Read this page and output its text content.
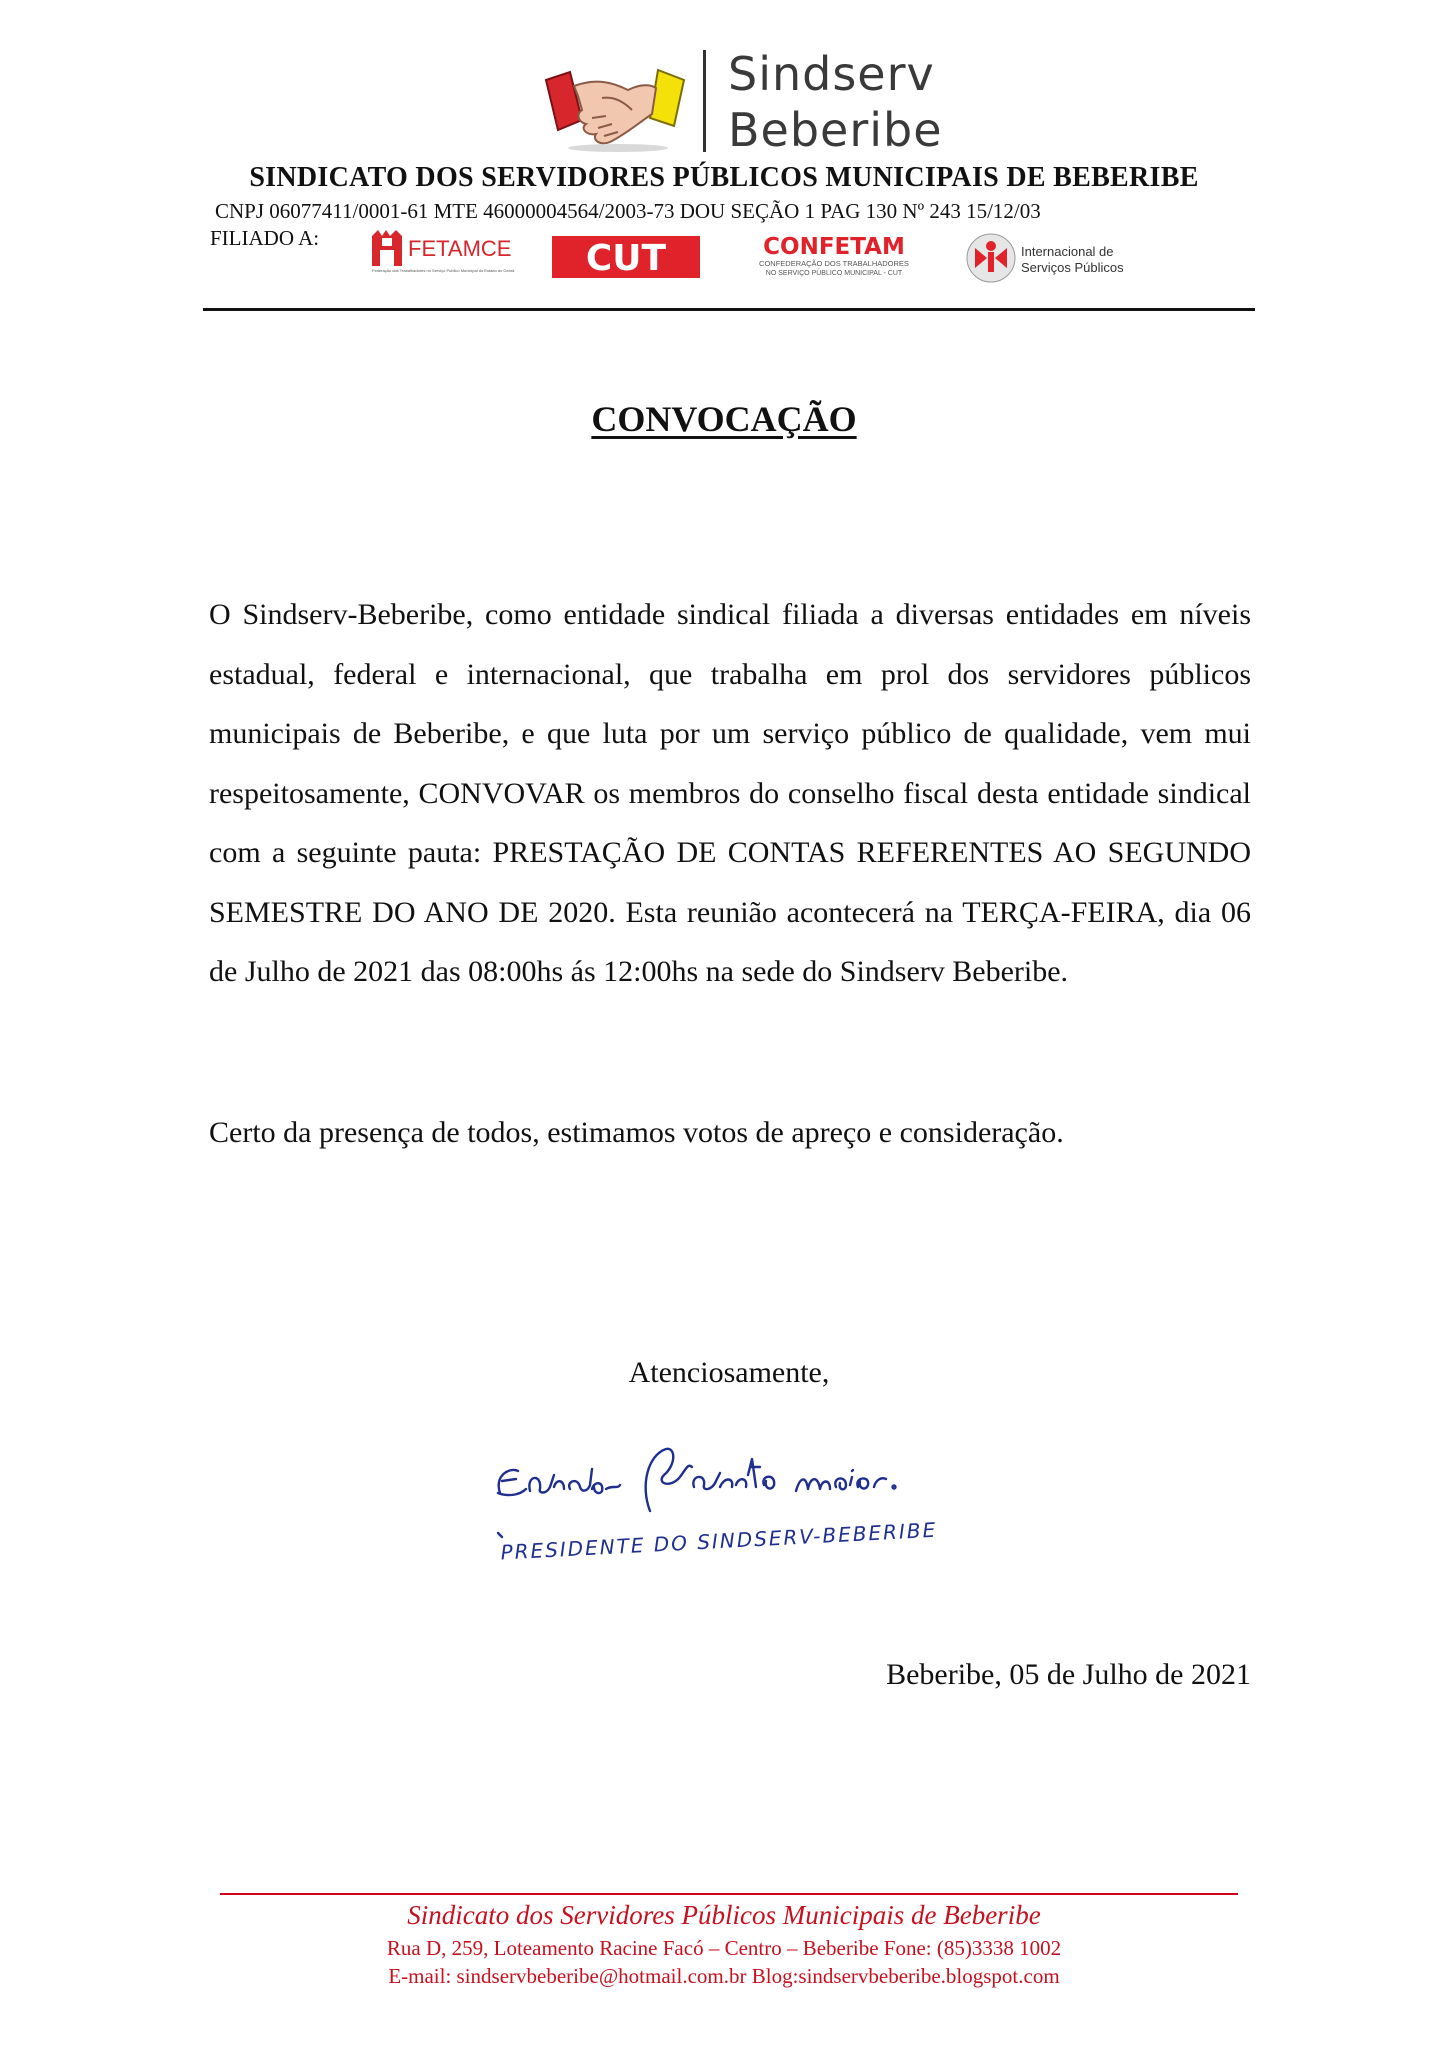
Sindserv
Beberibe
SINDICATO DOS SERVIDORES PÚBLICOS MUNICIPAIS DE BEBERIBE
CNPJ 06077411/0001-61 MTE 46000004564/2003-73 DOU SEÇÃO 1 PAG 130 Nº 243 15/12/03
FILIADO A:	FETAMCE
Federação dos Trabalhadores no Serviço Público Municipal do Estado do Ceará CUT	CONFETAM
CONFEDERAÇÃO DOS TRABALHADORES
NO SERVIÇO PÚBLICO MUNICIPAL - CUT
Internacional de
Serviços Públicos
CONVOCAÇÃO

O Sindserv-Beberibe, como entidade sindical filiada a diversas entidades em níveis estadual, federal e internacional, que trabalha em prol dos servidores públicos municipais de Beberibe, e que luta por um serviço público de qualidade, vem mui respeitosamente, CONVOVAR os membros do conselho fiscal desta entidade sindical com a seguinte pauta: PRESTAÇÃO DE CONTAS REFERENTES AO SEGUNDO SEMESTRE DO ANO DE 2020. Esta reunião acontecerá na TERÇA-FEIRA, dia 06 de Julho de 2021 das 08:00hs ás 12:00hs na sede do Sindserv Beberibe.

Certo da presença de todos, estimamos votos de apreço e consideração.
Atenciosamente,
PRESIDENTE DO SINDSERV-BEBERIBE
Beberibe, 05 de Julho de 2021
Sindicato dos Servidores Públicos Municipais de Beberibe
Rua D, 259, Loteamento Racine Facó – Centro – Beberibe Fone: (85)3338 1002
E-mail: sindservbeberibe@hotmail.com.br Blog:sindservbeberibe.blogspot.com
